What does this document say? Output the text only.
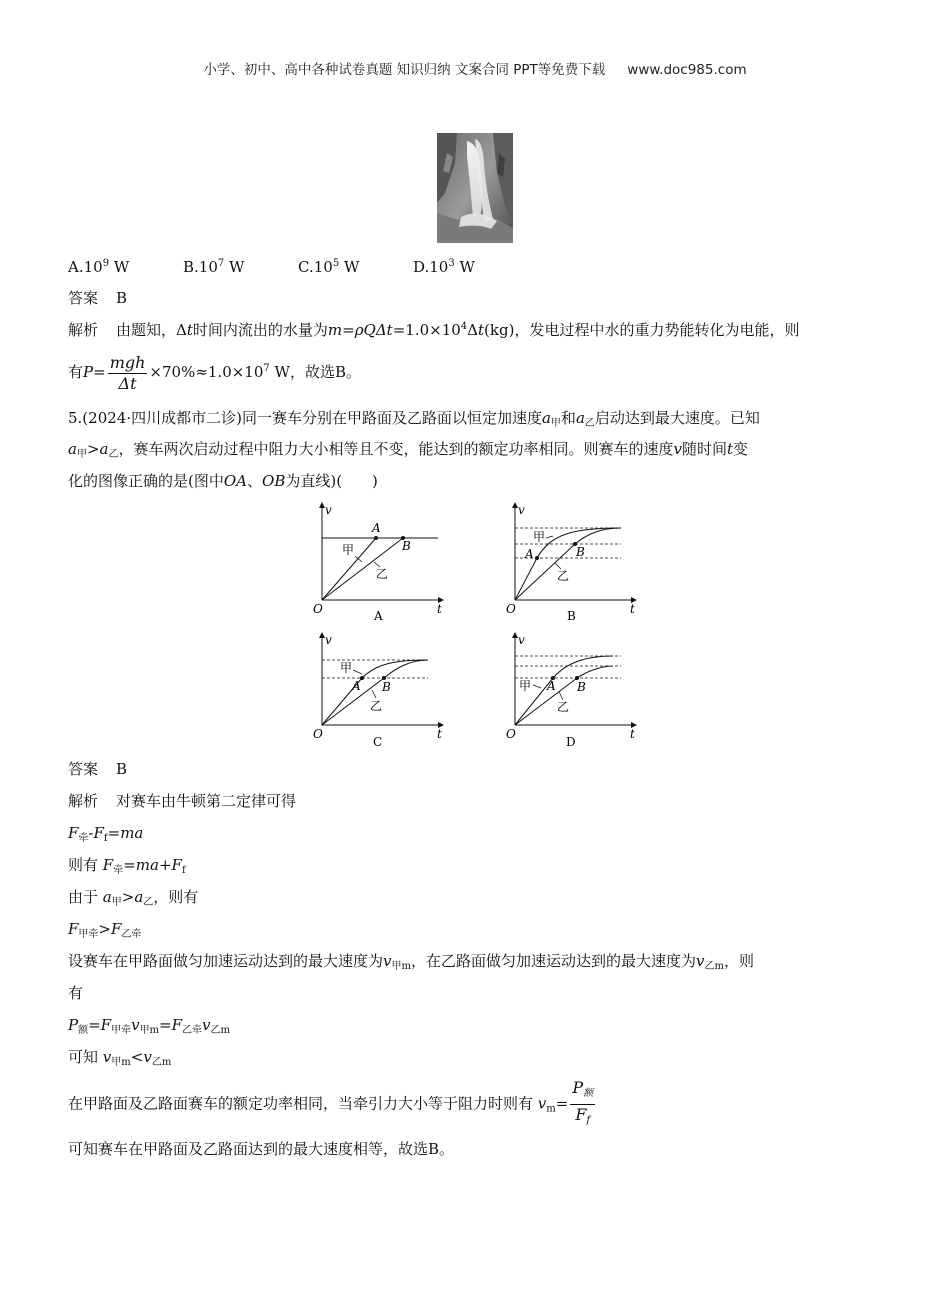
小学、初中、高中各种试卷真题 知识归纳 文案合同 PPT等免费下载 www.doc985.com
$A.10^9$ W	$B.10^7$ W	$C.10^5$ W	$D.10^3$ W
答案 B
解析 由题知，Δt时间内流出的水量为$m=\rho Q\Delta t=1.0\times 10^4\Delta t(kg)$，发电过程中水的重力势能转化为电能，则
有$P= \frac{\text{mgh}}{\Delta t} \times 70\%\approx 1.0\times 10^7$ W，故选B。
5.(2024·四川成都市二诊)同一赛车分别在甲路面及乙路面以恒定加速度$a_甲$和$a_乙$启动达到最大速度。已知
$a_甲>a_乙$，赛车两次启动过程中阻力大小相等且不变，能达到的额定功率相同。则赛车的速度v随时间t变
化的图像正确的是(图中OA、OB为直线)(　　)
v
t
O
A
B
甲
乙
A
v
t
O
A	B
甲
乙
B
v
t
O
A B
甲
乙
C
v
t
O
A B
甲
乙
D
答案 B
解析 对赛车由牛顿第二定律可得
$F_牵-F_f=ma$
则有 $F_牵=ma+F_f$
由于 $a_甲>a_乙$，则有
$F_{甲牵}>F_{乙牵}$
设赛车在甲路面做匀加速运动达到的最大速度为$v_{甲m}$，在乙路面做匀加速运动达到的最大速度为$v_{乙m}$，则
有
$P_额=F_{甲牵}v_{甲m}=F_{乙牵}v_{乙m}$
可知 $v_{甲m}<v_{乙m}$
在甲路面及乙路面赛车的额定功率相同，当牵引力大小等于阻力时则有 $v_m= \frac{P_额}{F_f}$
可知赛车在甲路面及乙路面达到的最大速度相等，故选B。
